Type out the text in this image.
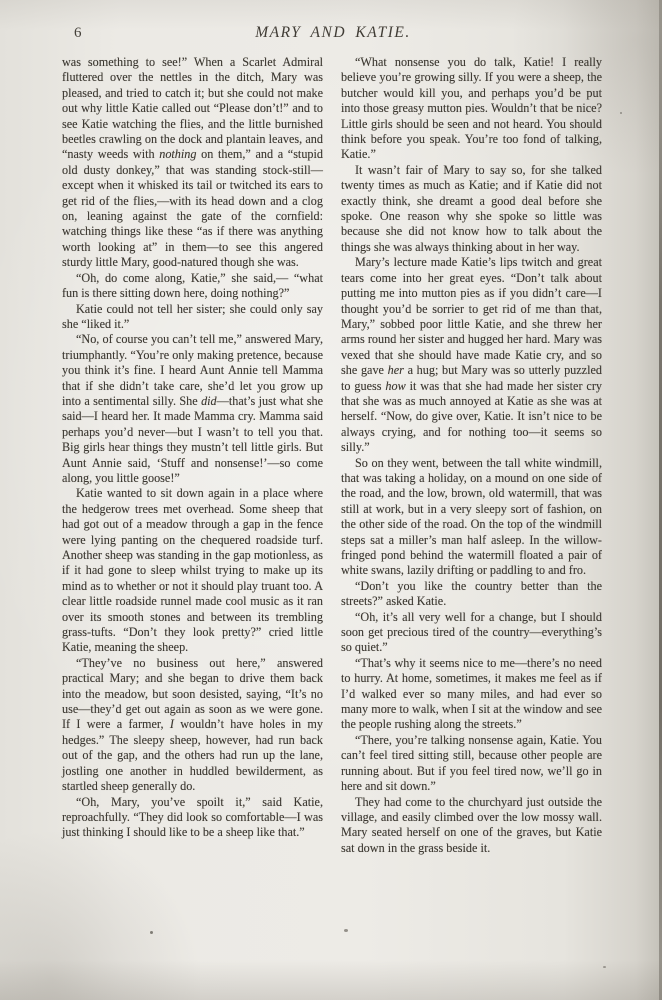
6	MARY AND KATIE.

was something to see!” When a Scarlet Admiral fluttered over the nettles in the ditch, Mary was pleased, and tried to catch it; but she could not make out why little Katie called out “Please don’t!” and to see Katie watching the flies, and the little burnished beetles crawling on the dock and plantain leaves, and “nasty weeds with nothing on them,” and a “stupid old dusty donkey,” that was standing stock-still—except when it whisked its tail or twitched its ears to get rid of the flies,—with its head down and a clog on, leaning against the gate of the cornfield: watching things like these “as if there was anything worth looking at” in them—to see this angered sturdy little Mary, good-natured though she was.

“Oh, do come along, Katie,” she said,— “what fun is there sitting down here, doing nothing?”

Katie could not tell her sister; she could only say she “liked it.”

“No, of course you can’t tell me,” answered Mary, triumphantly. “You’re only making pretence, because you think it’s fine. I heard Aunt Annie tell Mamma that if she didn’t take care, she’d let you grow up into a sentimental silly. She did—that’s just what she said—I heard her. It made Mamma cry. Mamma said perhaps you’d never—but I wasn’t to tell you that. Big girls hear things they mustn’t tell little girls. But Aunt Annie said, ‘Stuff and nonsense!’—so come along, you little goose!”

Katie wanted to sit down again in a place where the hedgerow trees met overhead. Some sheep that had got out of a meadow through a gap in the fence were lying panting on the chequered roadside turf. Another sheep was standing in the gap motionless, as if it had gone to sleep whilst trying to make up its mind as to whether or not it should play truant too. A clear little roadside runnel made cool music as it ran over its smooth stones and between its trembling grass-tufts. “Don’t they look pretty?” cried little Katie, meaning the sheep.

“They’ve no business out here,” answered practical Mary; and she began to drive them back into the meadow, but soon desisted, saying, “It’s no use—they’d get out again as soon as we were gone. If I were a farmer, I wouldn’t have holes in my hedges.” The sleepy sheep, however, had run back out of the gap, and the others had run up the lane, jostling one another in huddled bewilderment, as startled sheep generally do.

“Oh, Mary, you’ve spoilt it,” said Katie, reproachfully. “They did look so comfortable—I was just thinking I should like to be a sheep like that.”

“What nonsense you do talk, Katie! I really believe you’re growing silly. If you were a sheep, the butcher would kill you, and perhaps you’d be put into those greasy mutton pies. Wouldn’t that be nice? Little girls should be seen and not heard. You should think before you speak. You’re too fond of talking, Katie.”

It wasn’t fair of Mary to say so, for she talked twenty times as much as Katie; and if Katie did not exactly think, she dreamt a good deal before she spoke. One reason why she spoke so little was because she did not know how to talk about the things she was always thinking about in her way.

Mary’s lecture made Katie’s lips twitch and great tears come into her great eyes. “Don’t talk about putting me into mutton pies as if you didn’t care—I thought you’d be sorrier to get rid of me than that, Mary,” sobbed poor little Katie, and she threw her arms round her sister and hugged her hard. Mary was vexed that she should have made Katie cry, and so she gave her a hug; but Mary was so utterly puzzled to guess how it was that she had made her sister cry that she was as much annoyed at Katie as she was at herself. “Now, do give over, Katie. It isn’t nice to be always crying, and for nothing too—it seems so silly.”

So on they went, between the tall white windmill, that was taking a holiday, on a mound on one side of the road, and the low, brown, old watermill, that was still at work, but in a very sleepy sort of fashion, on the other side of the road. On the top of the windmill steps sat a miller’s man half asleep. In the willow-fringed pond behind the watermill floated a pair of white swans, lazily drifting or paddling to and fro.

“Don’t you like the country better than the streets?” asked Katie.

“Oh, it’s all very well for a change, but I should soon get precious tired of the country—everything’s so quiet.”

“That’s why it seems nice to me—there’s no need to hurry. At home, sometimes, it makes me feel as if I’d walked ever so many miles, and had ever so many more to walk, when I sit at the window and see the people rushing along the streets.”

“There, you’re talking nonsense again, Katie. You can’t feel tired sitting still, because other people are running about. But if you feel tired now, we’ll go in here and sit down.”

They had come to the churchyard just outside the village, and easily climbed over the low mossy wall. Mary seated herself on one of the graves, but Katie sat down in the grass beside it.
